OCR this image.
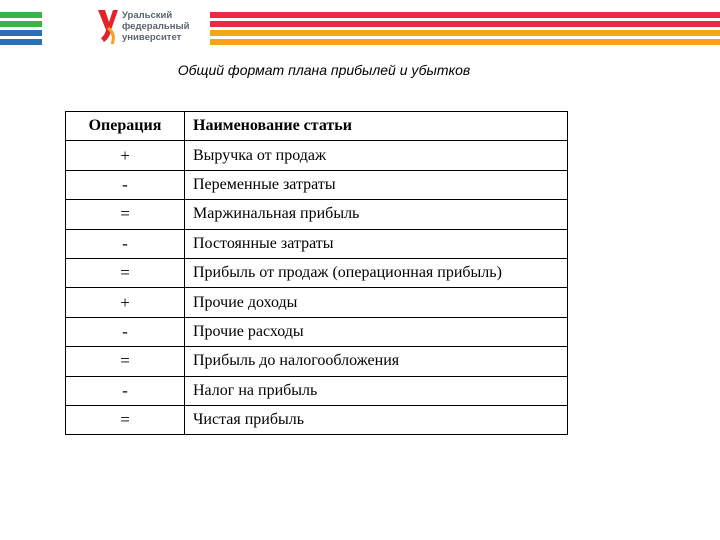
Уральский
федеральный
университет
Общий формат плана прибылей и убытков
Операция	Наименование статьи
+	Выручка от продаж
-	Переменные затраты
=	Маржинальная прибыль
-	Постоянные затраты
=	Прибыль от продаж (операционная прибыль)
+	Прочие доходы
-	Прочие расходы
=	Прибыль до налогообложения
-	Налог на прибыль
=	Чистая прибыль
